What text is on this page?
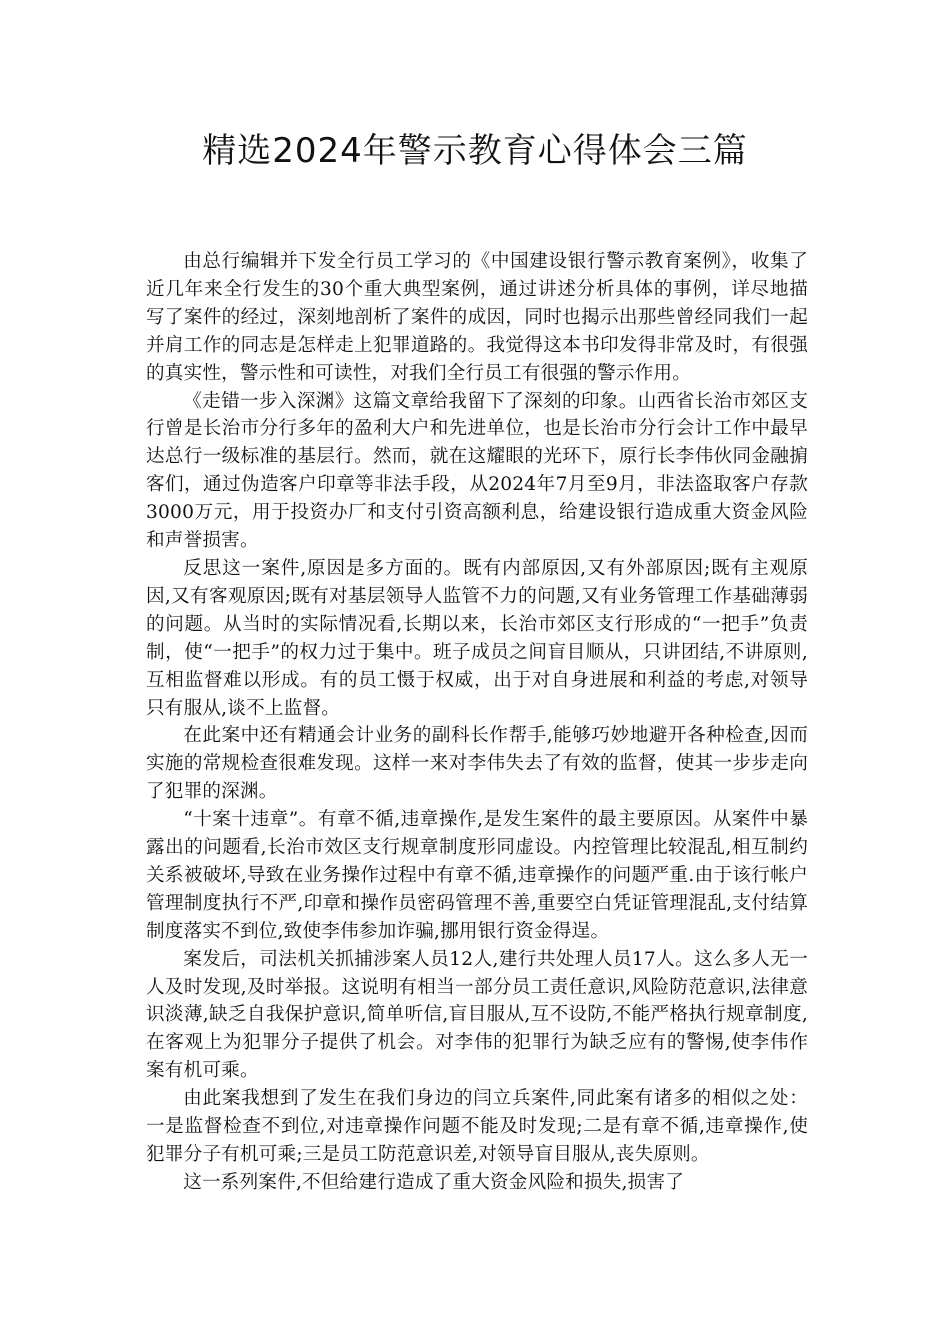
精选2024年警示教育心得体会三篇

由总行编辑并下发全行员工学习的《中国建设银行警示教育案例》，收集了近几年来全行发生的30个重大典型案例，通过讲述分析具体的事例，详尽地描写了案件的经过，深刻地剖析了案件的成因，同时也揭示出那些曾经同我们一起并肩工作的同志是怎样走上犯罪道路的。我觉得这本书印发得非常及时，有很强的真实性，警示性和可读性，对我们全行员工有很强的警示作用。

《走错一步入深渊》这篇文章给我留下了深刻的印象。山西省长治市郊区支行曾是长治市分行多年的盈利大户和先进单位，也是长治市分行会计工作中最早达总行一级标准的基层行。然而，就在这耀眼的光环下，原行长李伟伙同金融掮客们，通过伪造客户印章等非法手段，从2024年7月至9月，非法盗取客户存款3000万元，用于投资办厂和支付引资高额利息，给建设银行造成重大资金风险和声誉损害。

反思这一案件,原因是多方面的。既有内部原因,又有外部原因;既有主观原因,又有客观原因;既有对基层领导人监管不力的问题,又有业务管理工作基础薄弱的问题。从当时的实际情况看,长期以来，长治市郊区支行形成的“一把手”负责制，使“一把手”的权力过于集中。班子成员之间盲目顺从，只讲团结,不讲原则,互相监督难以形成。有的员工慑于权威，出于对自身进展和利益的考虑,对领导只有服从,谈不上监督。

在此案中还有精通会计业务的副科长作帮手,能够巧妙地避开各种检查,因而实施的常规检查很难发现。这样一来对李伟失去了有效的监督，使其一步步走向了犯罪的深渊。

“十案十违章”。有章不循,违章操作,是发生案件的最主要原因。从案件中暴露出的问题看,长治市效区支行规章制度形同虚设。内控管理比较混乱,相互制约关系被破坏,导致在业务操作过程中有章不循,违章操作的问题严重.由于该行帐户管理制度执行不严,印章和操作员密码管理不善,重要空白凭证管理混乱,支付结算制度落实不到位,致使李伟参加诈骗,挪用银行资金得逞。

案发后，司法机关抓捕涉案人员12人,建行共处理人员17人。这么多人无一人及时发现,及时举报。这说明有相当一部分员工责任意识,风险防范意识,法律意识淡薄,缺乏自我保护意识,简单听信,盲目服从,互不设防,不能严格执行规章制度,在客观上为犯罪分子提供了机会。对李伟的犯罪行为缺乏应有的警惕,使李伟作案有机可乘。

由此案我想到了发生在我们身边的闫立兵案件,同此案有诸多的相似之处：一是监督检查不到位,对违章操作问题不能及时发现;二是有章不循,违章操作,使犯罪分子有机可乘;三是员工防范意识差,对领导盲目服从,丧失原则。

这一系列案件,不但给建行造成了重大资金风险和损失,损害了
